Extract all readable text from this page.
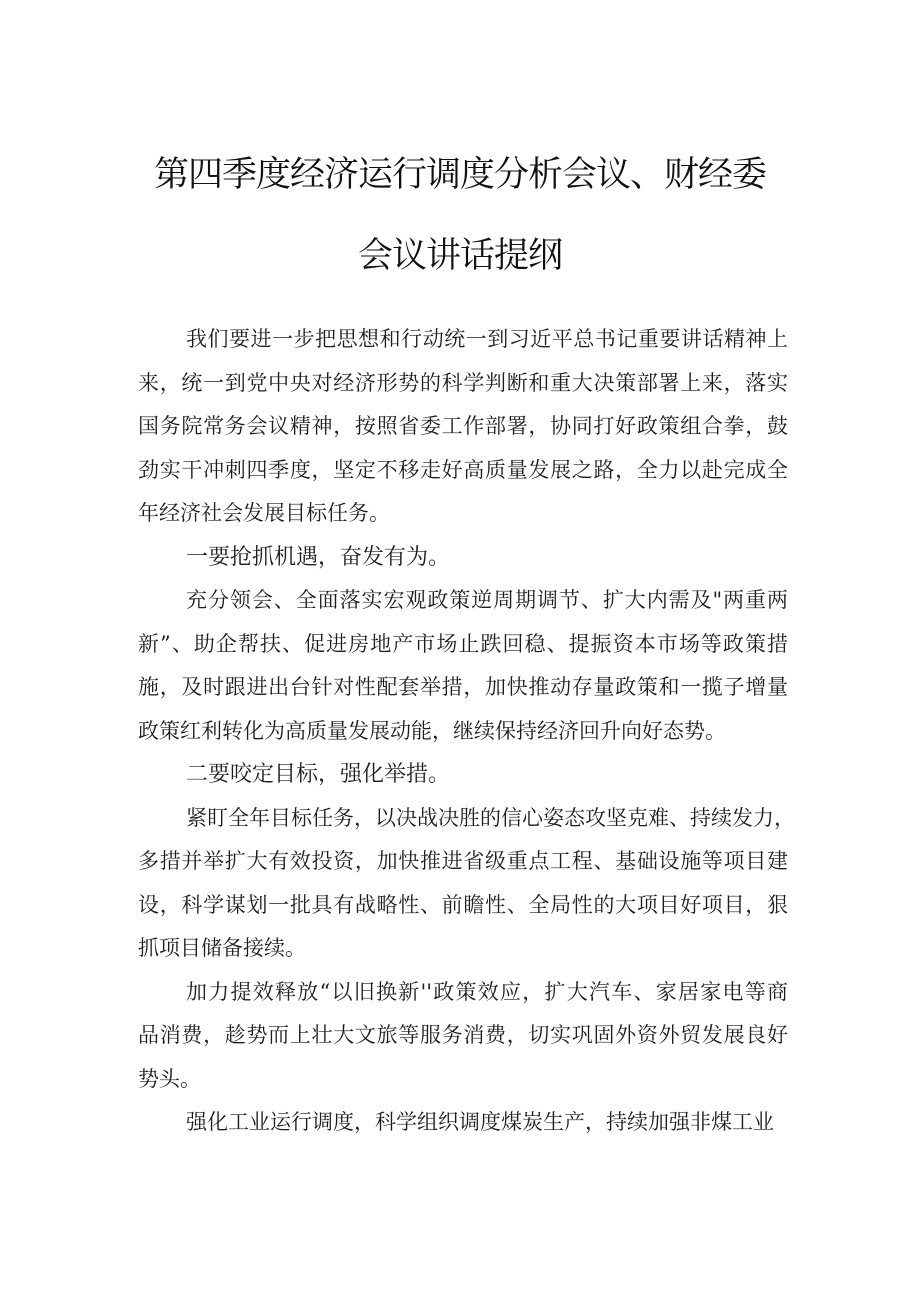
第四季度经济运行调度分析会议、财经委
会议讲话提纲
我们要进一步把思想和行动统一到习近平总书记重要讲话精神上
来，统一到党中央对经济形势的科学判断和重大决策部署上来，落实
国务院常务会议精神，按照省委工作部署，协同打好政策组合拳，鼓
劲实干冲刺四季度，坚定不移走好高质量发展之路，全力以赴完成全
年经济社会发展目标任务。
一要抢抓机遇，奋发有为。
充分领会、全面落实宏观政策逆周期调节、扩大内需及"两重两
新”、助企帮扶、促进房地产市场止跌回稳、提振资本市场等政策措
施，及时跟进出台针对性配套举措，加快推动存量政策和一揽子增量
政策红利转化为高质量发展动能，继续保持经济回升向好态势。
二要咬定目标，强化举措。
紧盯全年目标任务，以决战决胜的信心姿态攻坚克难、持续发力，
多措并举扩大有效投资，加快推进省级重点工程、基础设施等项目建
设，科学谋划一批具有战略性、前瞻性、全局性的大项目好项目，狠
抓项目储备接续。
加力提效释放“以旧换新''政策效应，扩大汽车、家居家电等商
品消费，趁势而上壮大文旅等服务消费，切实巩固外资外贸发展良好
势头。
强化工业运行调度，科学组织调度煤炭生产，持续加强非煤工业
